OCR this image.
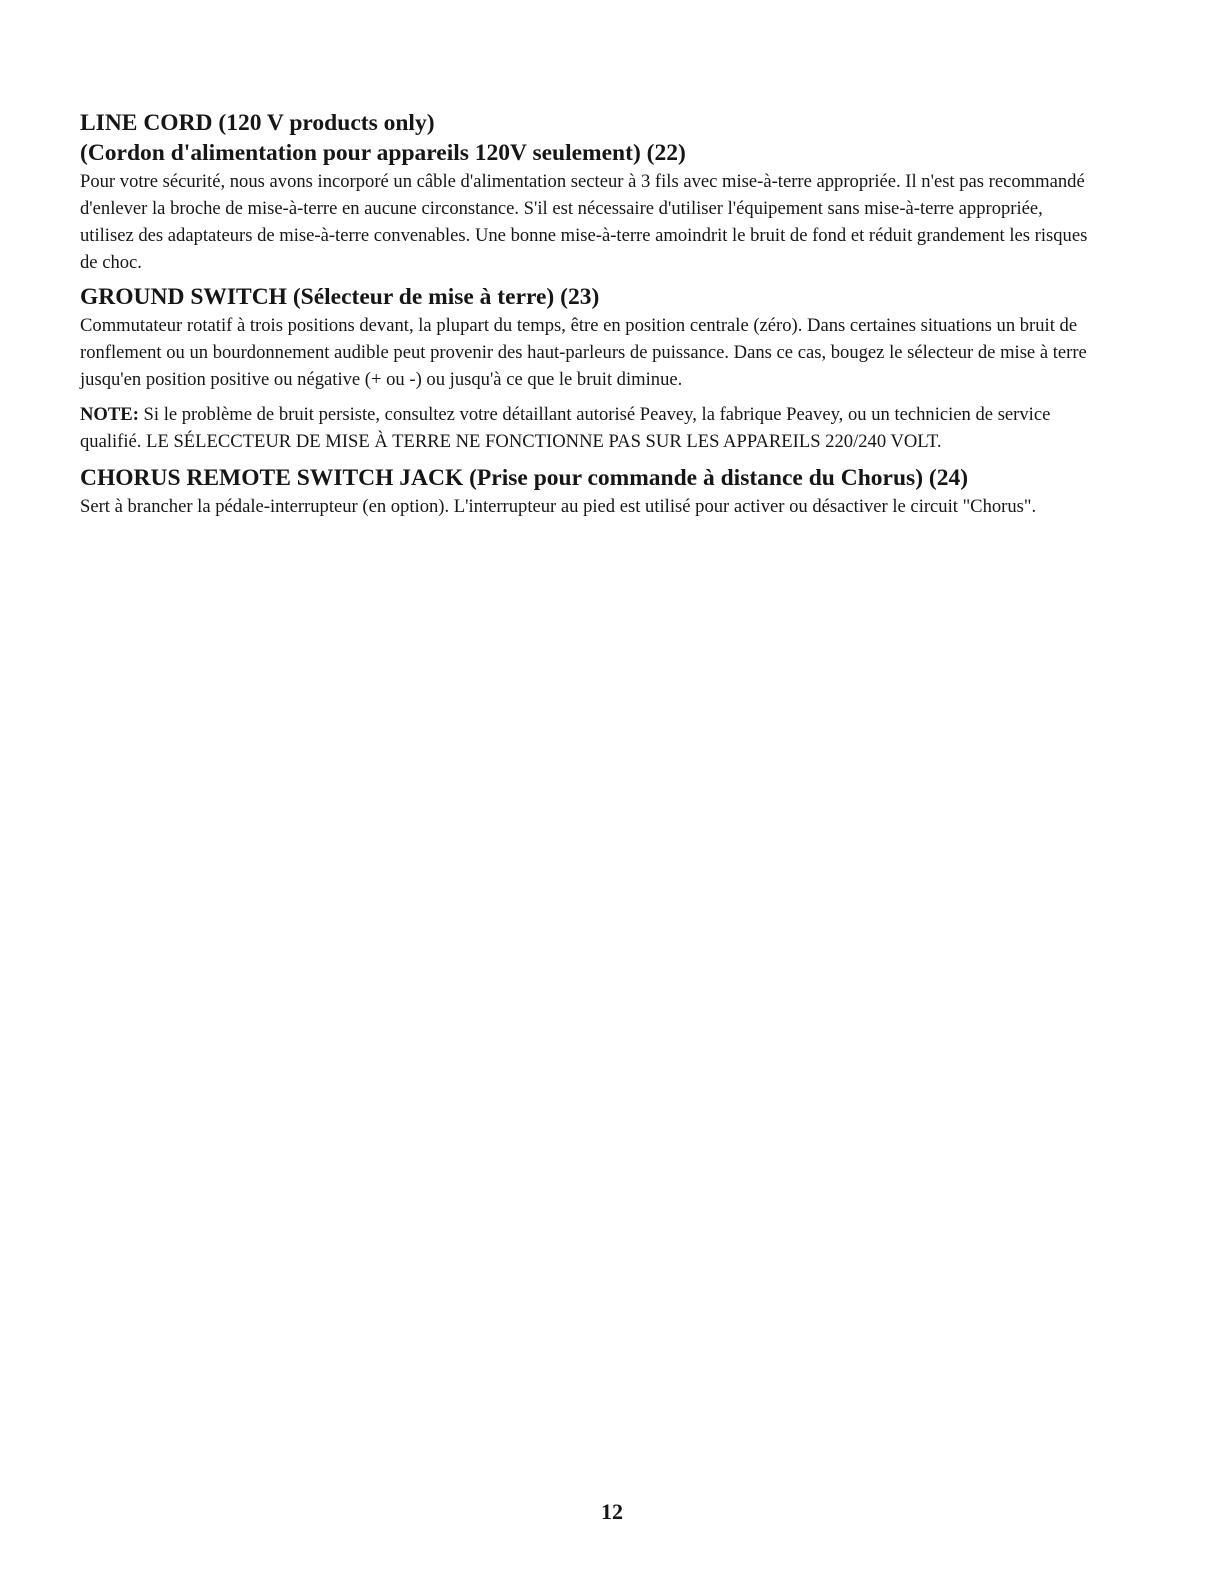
LINE CORD (120 V products only)
(Cordon d'alimentation pour appareils 120V seulement) (22)

Pour votre sécurité, nous avons incorporé un câble d'alimentation secteur à 3 fils avec mise-à-terre appropriée. Il n'est pas recommandé d'enlever la broche de mise-à-terre en aucune circonstance. S'il est nécessaire d'utiliser l'équipement sans mise-à-terre appropriée, utilisez des adaptateurs de mise-à-terre convenables. Une bonne mise-à-terre amoindrit le bruit de fond et réduit grandement les risques de choc.

GROUND SWITCH (Sélecteur de mise à terre) (23)

Commutateur rotatif à trois positions devant, la plupart du temps, être en position centrale (zéro). Dans certaines situations un bruit de ronflement ou un bourdonnement audible peut provenir des haut-parleurs de puissance. Dans ce cas, bougez le sélecteur de mise à terre jusqu'en position positive ou négative (+ ou -) ou jusqu'à ce que le bruit diminue.

NOTE: Si le problème de bruit persiste, consultez votre détaillant autorisé Peavey, la fabrique Peavey, ou un technicien de service qualifié. LE SÉLECCTEUR DE MISE À TERRE NE FONCTIONNE PAS SUR LES APPAREILS 220/240 VOLT.

CHORUS REMOTE SWITCH JACK (Prise pour commande à distance du Chorus) (24)

Sert à brancher la pédale-interrupteur (en option). L'interrupteur au pied est utilisé pour activer ou désactiver le circuit "Chorus".

12
